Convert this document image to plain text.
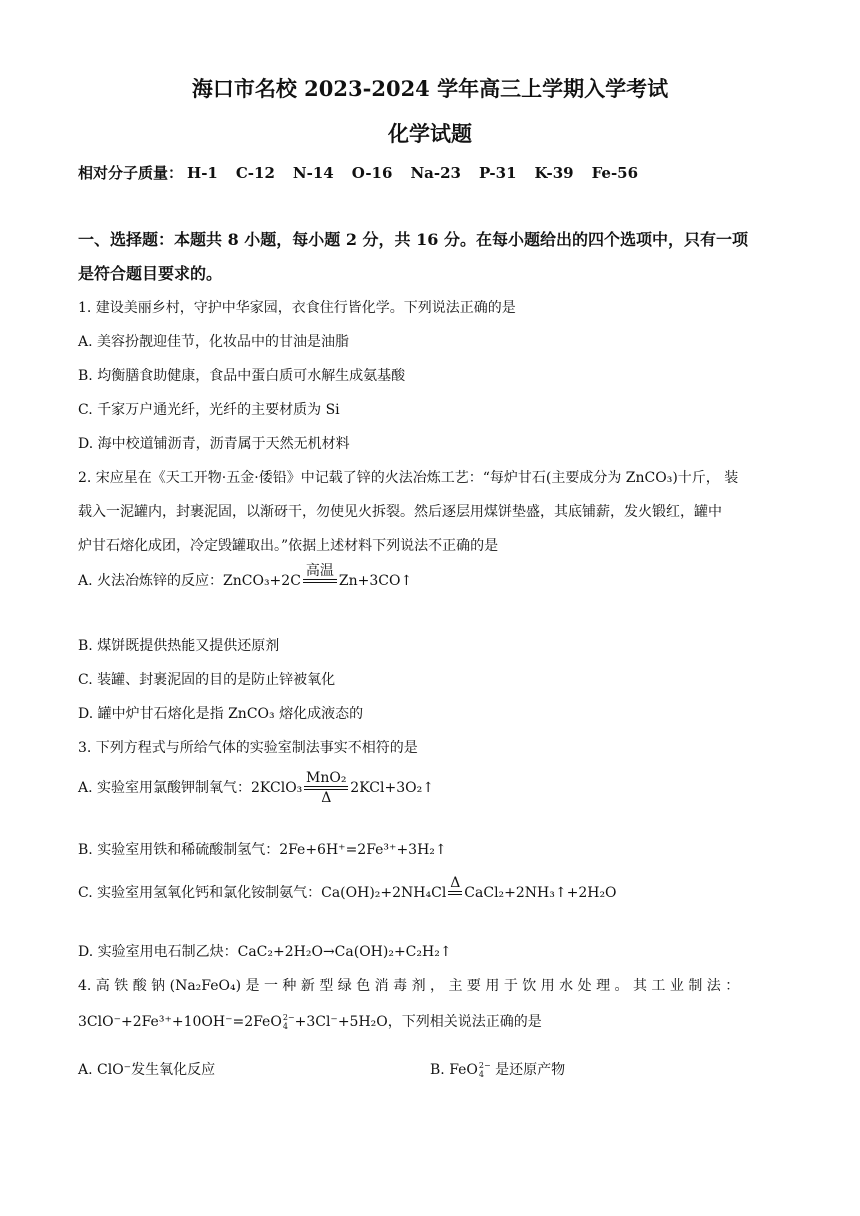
海口市名校 2023-2024 学年高三上学期入学考试
化学试题
相对分子质量： H-1 C-12 N-14 O-16 Na-23 P-31 K-39 Fe-56
一、选择题：本题共 8 小题，每小题 2 分，共 16 分。在每小题给出的四个选项中，只有一项
是符合题目要求的。
1. 建设美丽乡村，守护中华家园，衣食住行皆化学。下列说法正确的是
A. 美容扮靓迎佳节，化妆品中的甘油是油脂
B. 均衡膳食助健康，食品中蛋白质可水解生成氨基酸
C. 千家万户通光纤，光纤的主要材质为 Si
D. 海中校道铺沥青，沥青属于天然无机材料
2. 宋应星在《天工开物·五金·倭铅》中记载了锌的火法冶炼工艺：“每炉甘石(主要成分为 ZnCO₃)十斤， 装
载入一泥罐内，封裹泥固，以渐砑干，勿使见火拆裂。然后逐层用煤饼垫盛，其底铺薪，发火锻红，罐中
炉甘石熔化成团，冷定毁罐取出。”依据上述材料下列说法不正确的是
A. 火法冶炼锌的反应：ZnCO₃+2C
高温
Zn+3CO↑
B. 煤饼既提供热能又提供还原剂
C. 装罐、封裹泥固的目的是防止锌被氧化
D. 罐中炉甘石熔化是指 ZnCO₃ 熔化成液态的
3. 下列方程式与所给气体的实验室制法事实不相符的是
A. 实验室用氯酸钾制氧气：2KClO₃ $\frac{\text{MnO₂}}{\Delta}$ 2KCl+3O₂↑
B. 实验室用铁和稀硫酸制氢气：2Fe+6H⁺=2Fe³⁺+3H₂↑
C. 实验室用氢氧化钙和氯化铵制氨气：Ca(OH)₂+2NH₄Cl
Δ
CaCl₂+2NH₃↑+2H₂O
D. 实验室用电石制乙炔：CaC₂+2H₂O→Ca(OH)₂+C₂H₂↑
4. 高 铁 酸 钠 (Na₂FeO₄) 是 一 种 新 型 绿 色 消 毒 剂 ， 主 要 用 于 饮 用 水 处 理 。 其 工 业 制 法 ：
3ClO⁻+2Fe³⁺+10OH⁻=2FeO 2−
4 +3Cl⁻+5H₂O，下列相关说法正确的是
A. ClO⁻发生氧化反应	B. FeO 2−
4 是还原产物
